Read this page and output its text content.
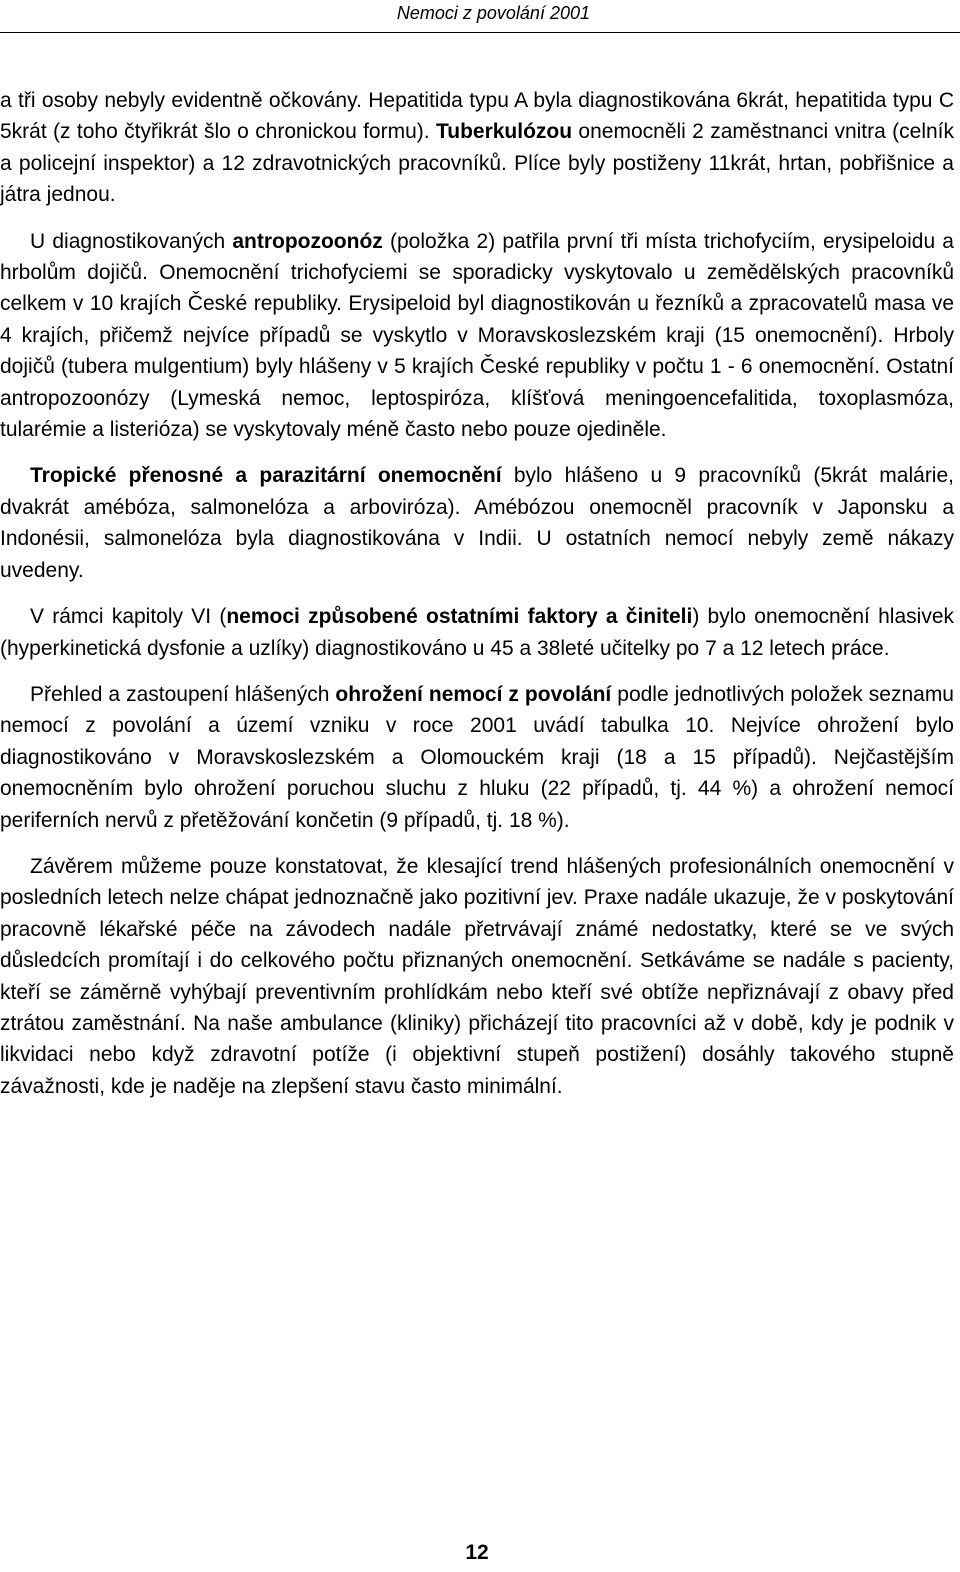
Nemoci z povolání 2001

a tři osoby nebyly evidentně očkovány. Hepatitida typu A byla diagnostikována 6krát, hepatitida typu C 5krát (z toho čtyřikrát šlo o chronickou formu). Tuberkulózou onemocněli 2 zaměstnanci vnitra (celník a policejní inspektor) a 12 zdravotnických pracovníků. Plíce byly postiženy 11krát, hrtan, pobřišnice a játra jednou.

U diagnostikovaných antropozoonóz (položka 2) patřila první tři místa trichofyciím, erysipeloidu a hrbolům dojičů. Onemocnění trichofyciemi se sporadicky vyskytovalo u zemědělských pracovníků celkem v 10 krajích České republiky. Erysipeloid byl diagnostikován u řezníků a zpracovatelů masa ve 4 krajích, přičemž nejvíce případů se vyskytlo v Moravskoslezském kraji (15 onemocnění). Hrboly dojičů (tubera mulgentium) byly hlášeny v 5 krajích České republiky v počtu 1 - 6 onemocnění. Ostatní antropozoonózy (Lymeská nemoc, leptospiróza, klíšťová meningoencefalitida, toxoplasmóza, tularémie a listerióza) se vyskytovaly méně často nebo pouze ojediněle.

Tropické přenosné a parazitární onemocnění bylo hlášeno u 9 pracovníků (5krát malárie, dvakrát amébóza, salmonelóza a arboviróza). Amébózou onemocněl pracovník v Japonsku a Indonésii, salmonelóza byla diagnostikována v Indii. U ostatních nemocí nebyly země nákazy uvedeny.

V rámci kapitoly VI (nemoci způsobené ostatními faktory a činiteli) bylo onemocnění hlasivek (hyperkinetická dysfonie a uzlíky) diagnostikováno u 45 a 38leté učitelky po 7 a 12 letech práce.

Přehled a zastoupení hlášených ohrožení nemocí z povolání podle jednotlivých položek seznamu nemocí z povolání a území vzniku v roce 2001 uvádí tabulka 10. Nejvíce ohrožení bylo diagnostikováno v Moravskoslezském a Olomouckém kraji (18 a 15 případů). Nejčastějším onemocněním bylo ohrožení poruchou sluchu z hluku (22 případů, tj. 44 %) a ohrožení nemocí periferních nervů z přetěžování končetin (9 případů, tj. 18 %).

Závěrem můžeme pouze konstatovat, že klesající trend hlášených profesionálních onemocnění v posledních letech nelze chápat jednoznačně jako pozitivní jev. Praxe nadále ukazuje, že v poskytování pracovně lékařské péče na závodech nadále přetrvávají známé nedostatky, které se ve svých důsledcích promítají i do celkového počtu přiznaných onemocnění. Setkáváme se nadále s pacienty, kteří se záměrně vyhýbají preventivním prohlídkám nebo kteří své obtíže nepřiznávají z obavy před ztrátou zaměstnání. Na naše ambulance (kliniky) přicházejí tito pracovníci až v době, kdy je podnik v likvidaci nebo když zdravotní potíže (i objektivní stupeň postižení) dosáhly takového stupně závažnosti, kde je naděje na zlepšení stavu často minimální.

12
